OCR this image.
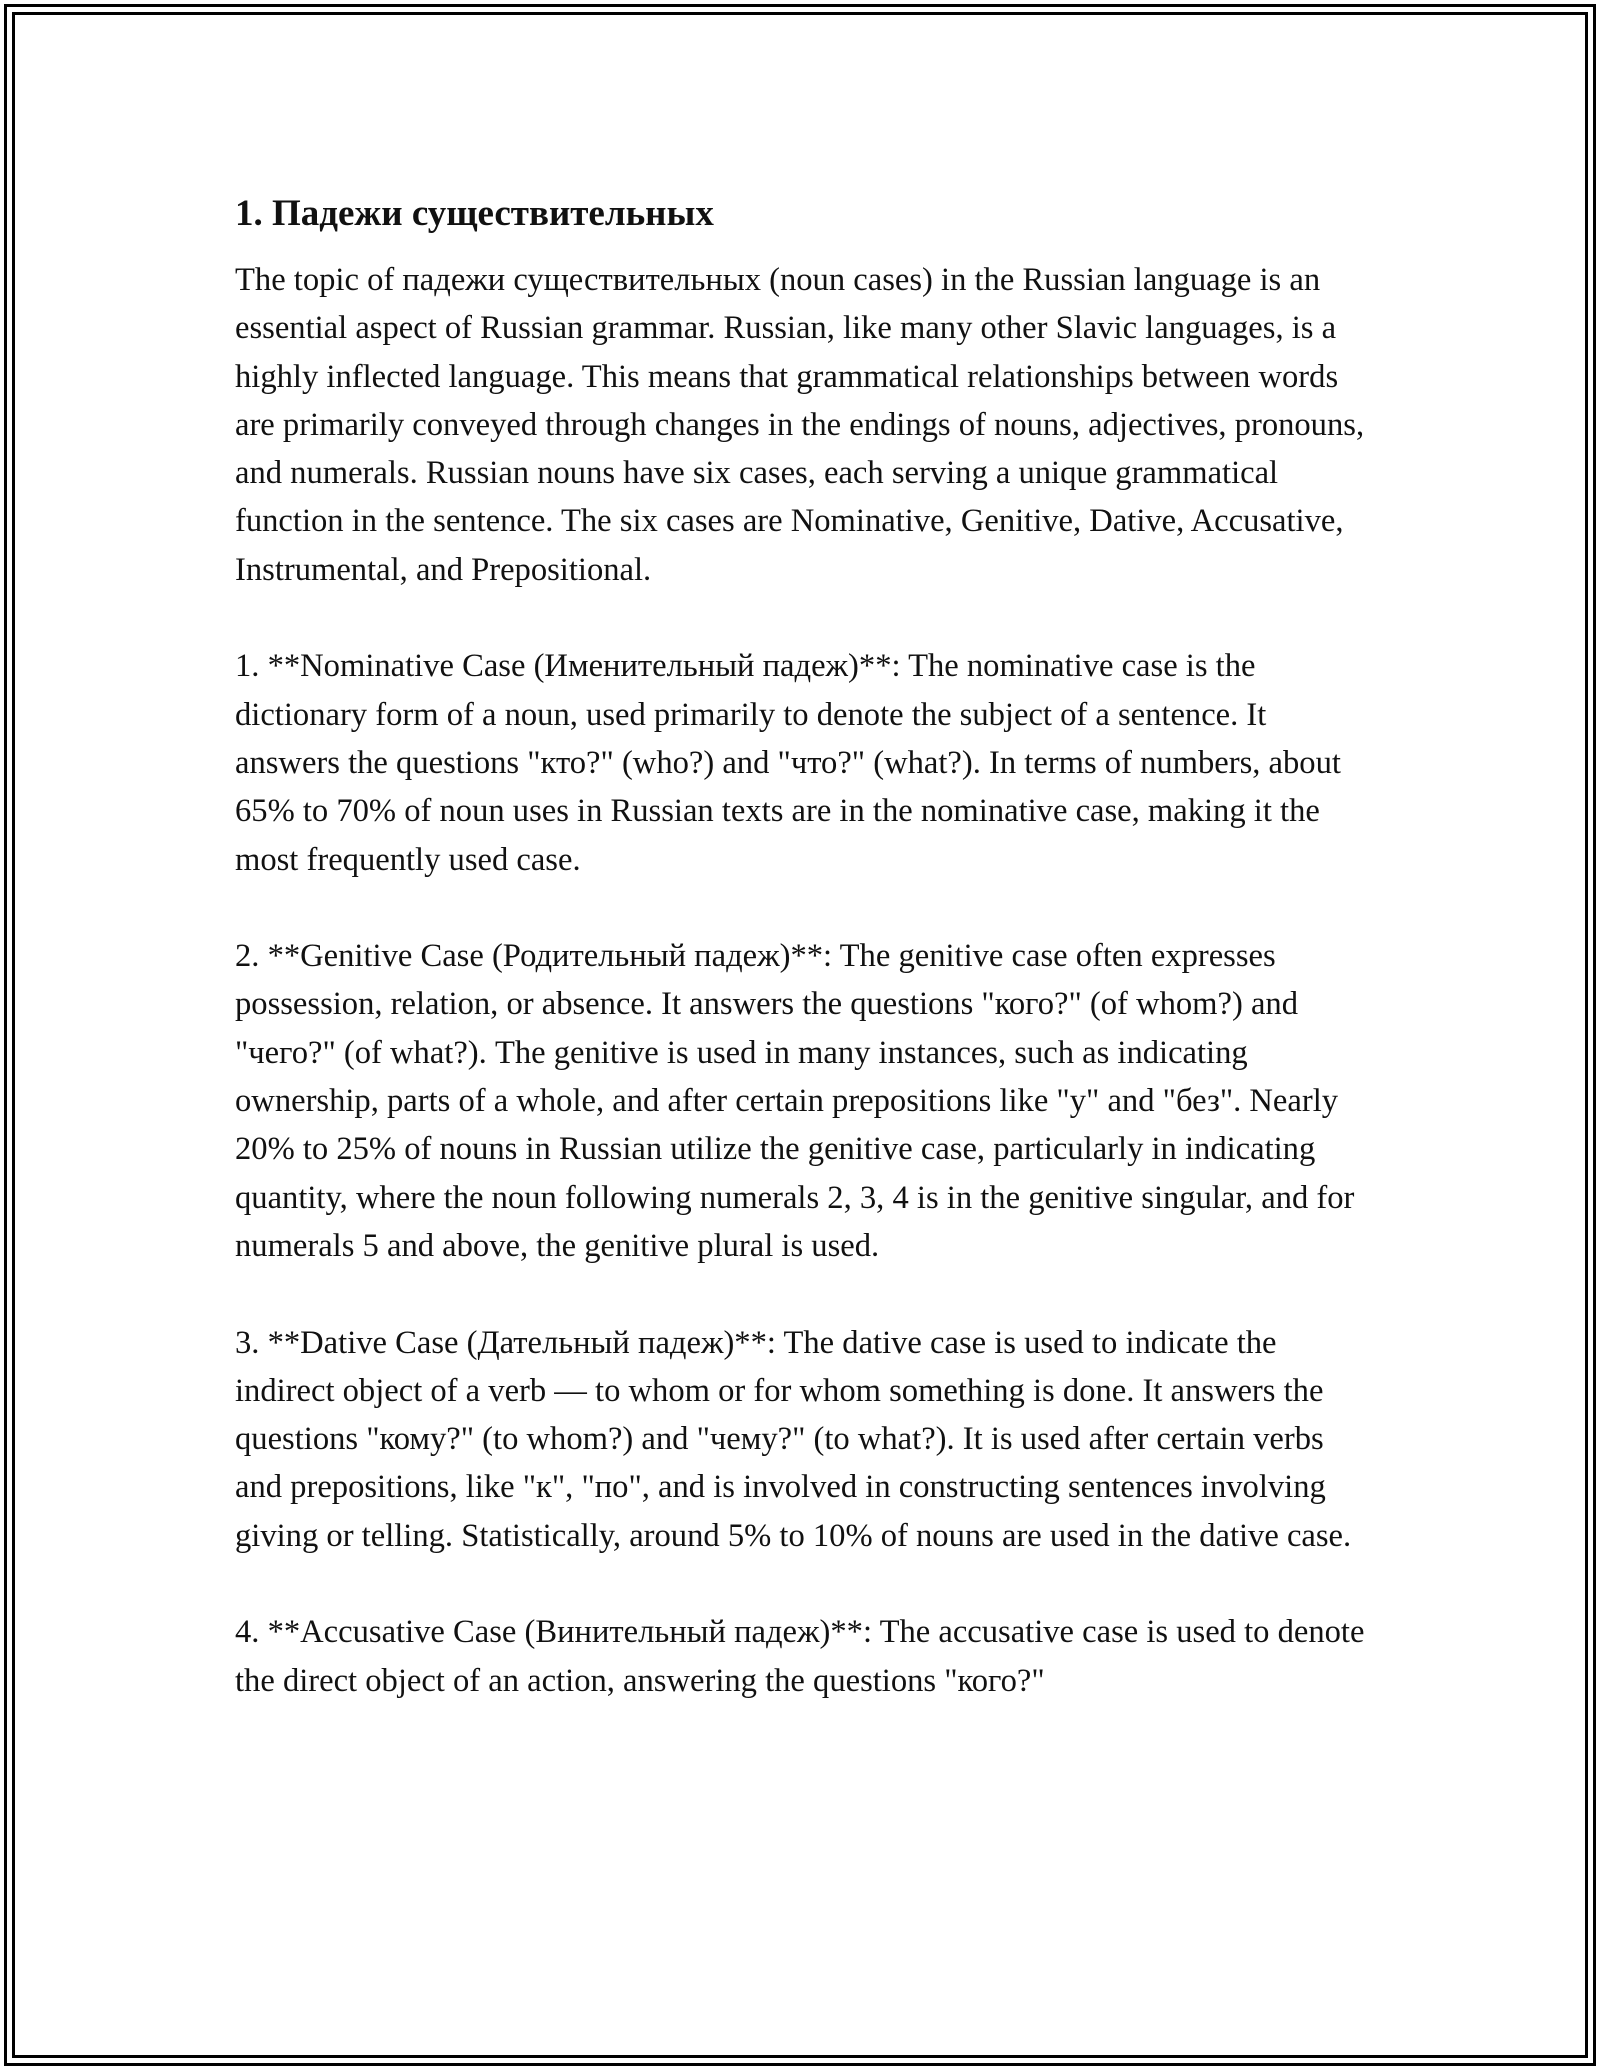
1. Падежи существительных

The topic of падежи существительных (noun cases) in the Russian language is an essential aspect of Russian grammar. Russian, like many other Slavic languages, is a highly inflected language. This means that grammatical relationships between words are primarily conveyed through changes in the endings of nouns, adjectives, pronouns, and numerals. Russian nouns have six cases, each serving a unique grammatical function in the sentence. The six cases are Nominative, Genitive, Dative, Accusative, Instrumental, and Prepositional.

1. **Nominative Case (Именительный падеж)**: The nominative case is the dictionary form of a noun, used primarily to denote the subject of a sentence. It answers the questions "кто?" (who?) and "что?" (what?). In terms of numbers, about 65% to 70% of noun uses in Russian texts are in the nominative case, making it the most frequently used case.

2. **Genitive Case (Родительный падеж)**: The genitive case often expresses possession, relation, or absence. It answers the questions "кого?" (of whom?) and "чего?" (of what?). The genitive is used in many instances, such as indicating ownership, parts of a whole, and after certain prepositions like "у" and "без". Nearly 20% to 25% of nouns in Russian utilize the genitive case, particularly in indicating quantity, where the noun following numerals 2, 3, 4 is in the genitive singular, and for numerals 5 and above, the genitive plural is used.

3. **Dative Case (Дательный падеж)**: The dative case is used to indicate the indirect object of a verb — to whom or for whom something is done. It answers the questions "кому?" (to whom?) and "чему?" (to what?). It is used after certain verbs and prepositions, like "к", "по", and is involved in constructing sentences involving giving or telling. Statistically, around 5% to 10% of nouns are used in the dative case.

4. **Accusative Case (Винительный падеж)**: The accusative case is used to denote the direct object of an action, answering the questions "кого?"
